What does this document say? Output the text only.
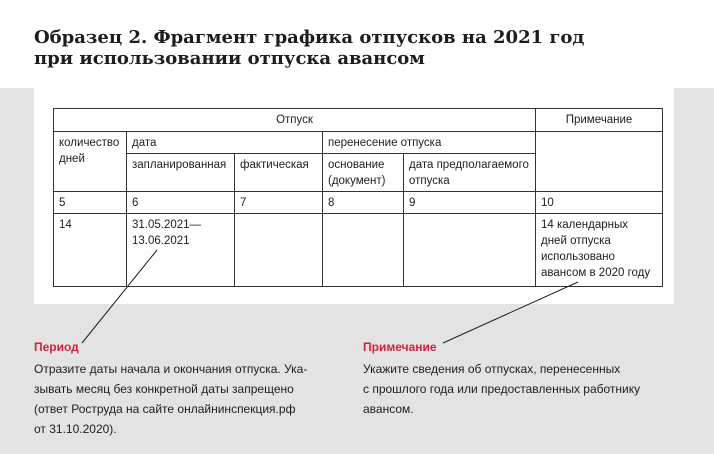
Образец 2. Фрагмент графика отпусков на 2021 год
при использовании отпуска авансом
Отпуск					Примечание
количество дней	дата		перенесение отпуска		
	запланированная	фактическая	основание (документ)	дата предполагаемого отпуска	
5	6	7	8	9	10
14	31.05.2021— 13.06.2021				14 календарных дней отпуска использовано авансом в 2020 году

Период

Отразите даты начала и окончания отпуска. Ука-
зывать месяц без конкретной даты запрещено
(ответ Роструда на сайте онлайнинспекция.рф
от 31.10.2020).

Примечание

Укажите сведения об отпусках, перенесенных
с прошлого года или предоставленных работнику
авансом.
